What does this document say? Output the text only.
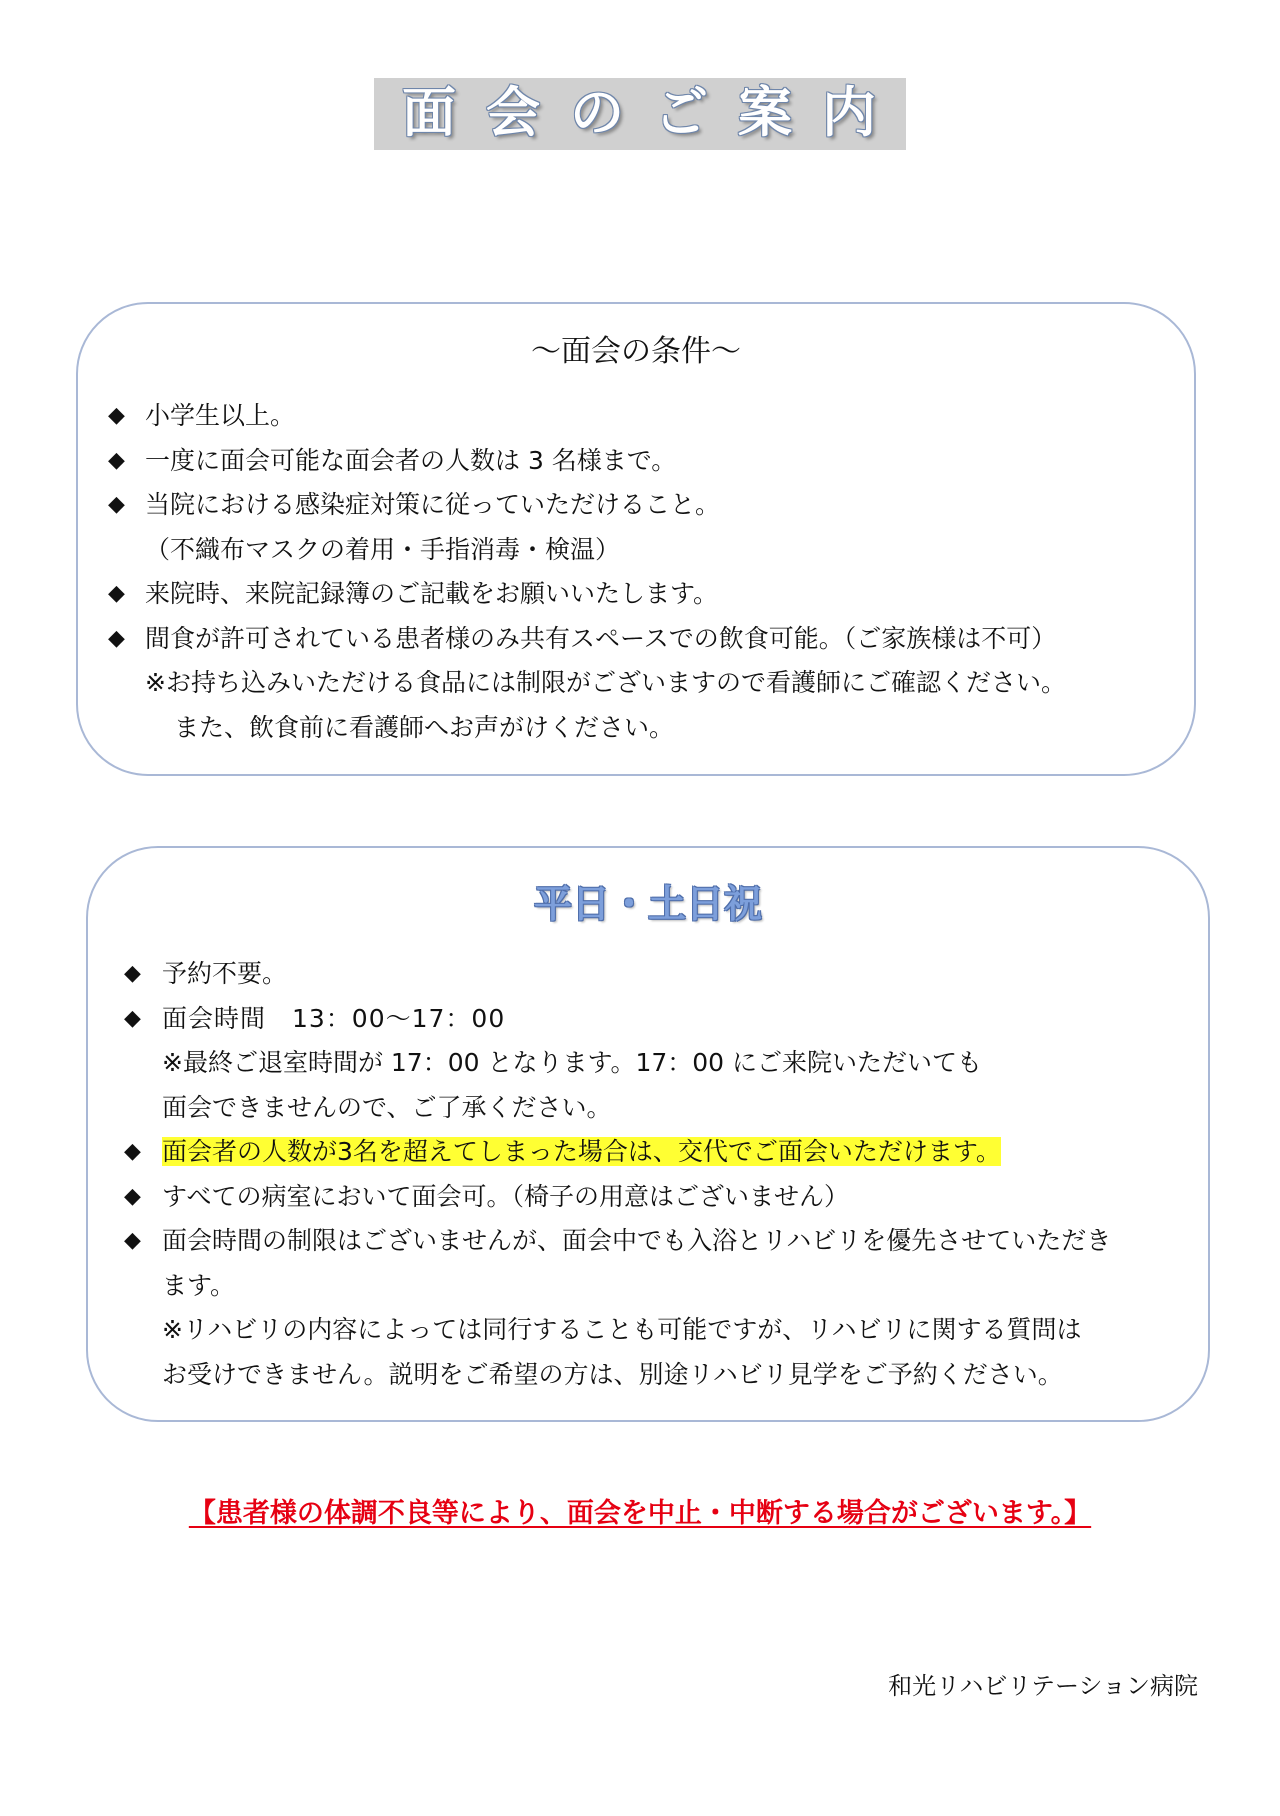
面会のご案内
～面会の条件～
◆ 小学生以上。
◆ 一度に面会可能な面会者の人数は 3 名様まで。
◆ 当院における感染症対策に従っていただけること。
（不織布マスクの着用・手指消毒・検温）
◆ 来院時、来院記録簿のご記載をお願いいたします。
◆ 間食が許可されている患者様のみ共有スペースでの飲食可能。（ご家族様は不可）
※お持ち込みいただける食品には制限がございますので看護師にご確認ください。
また、飲食前に看護師へお声がけください。
平日・土日祝
◆ 予約不要。
◆ 面会時間　13：00～17：00
※最終ご退室時間が 17：00 となります。17：00 にご来院いただいても
面会できませんので、ご了承ください。
◆ 面会者の人数が3名を超えてしまった場合は、交代でご面会いただけます。
◆ すべての病室において面会可。（椅子の用意はございません）
◆ 面会時間の制限はございませんが、面会中でも入浴とリハビリを優先させていただき
ます。
※リハビリの内容によっては同行することも可能ですが、リハビリに関する質問は
お受けできません。説明をご希望の方は、別途リハビリ見学をご予約ください。
【患者様の体調不良等により、面会を中止・中断する場合がございます。】
和光リハビリテーション病院
